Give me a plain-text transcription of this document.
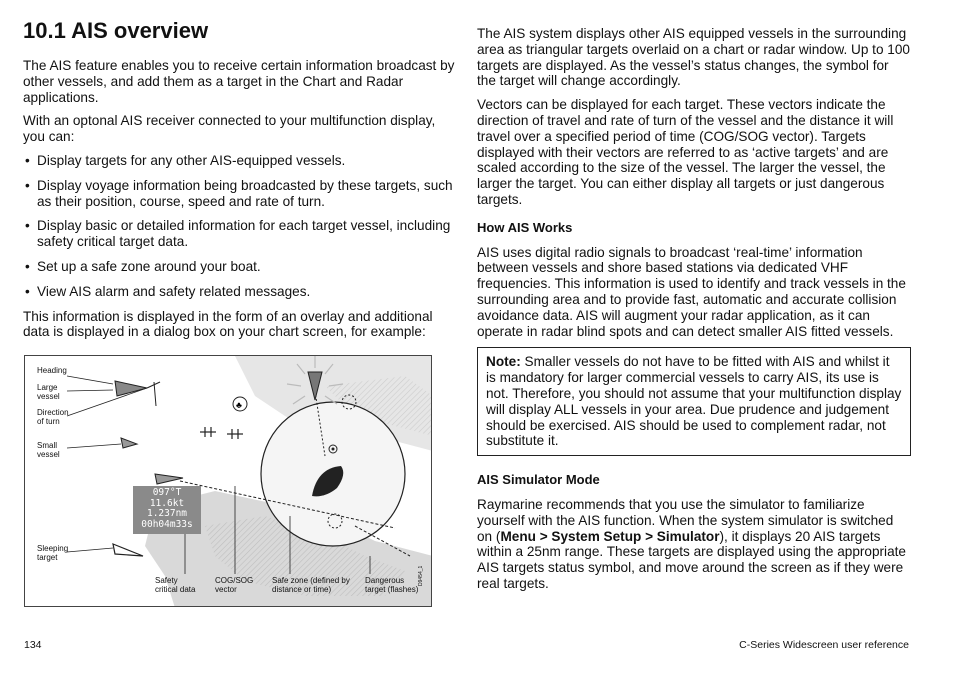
10.1 AIS overview

The AIS feature enables you to receive certain information broadcast by other vessels, and add them as a target in the Chart and Radar applications.

With an optonal AIS receiver connected to your multifunction display, you can:

• Display targets for any other AIS-equipped vessels.
• Display voyage information being broadcasted by these targets, such as their position, course, speed and rate of turn.
• Display basic or detailed information for each target vessel, including safety critical target data.
• Set up a safe zone around your boat.
• View AIS alarm and safety related messages.

This information is displayed in the form of an overlay and additional data is displayed in a dialog box on your chart screen, for example:

♣
097°T
11.6kt
1.237nm
00h04m33s
Heading
Large
vessel
Direction
of turn
Small
vessel
Sleeping
target
Safety
critical data
COG/SOG
vector
Safe zone (defined by
distance or time)
Dangerous
target (flashes)
D9454_1

The AIS system displays other AIS equipped vessels in the surrounding area as triangular targets overlaid on a chart or radar window. Up to 100 targets are displayed. As the vessel’s status changes, the symbol for the target will change accordingly.

Vectors can be displayed for each target. These vectors indicate the direction of travel and rate of turn of the vessel and the distance it will travel over a specified period of time (COG/SOG vector). Targets displayed with their vectors are referred to as ‘active targets’ and are scaled according to the size of the vessel. The larger the vessel, the larger the target. You can either display all targets or just dangerous targets.

How AIS Works

AIS uses digital radio signals to broadcast ‘real-time’ information between vessels and shore based stations via dedicated VHF frequencies. This information is used to identify and track vessels in the surrounding area and to provide fast, automatic and accurate collision avoidance data. AIS will augment your radar application, as it can operate in radar blind spots and can detect smaller AIS fitted vessels.

Note: Smaller vessels do not have to be fitted with AIS and whilst it is mandatory for larger commercial vessels to carry AIS, its use is not. Therefore, you should not assume that your multifunction display will display ALL vessels in your area. Due prudence and judgement should be exercised. AIS should be used to complement radar, not substitute it.
AIS Simulator Mode

Raymarine recommends that you use the simulator to familiarize yourself with the AIS function. When the system simulator is switched on (Menu > System Setup > Simulator), it displays 20 AIS targets within a 25nm range. These targets are displayed using the appropriate AIS targets status symbol, and move around the screen as if they were real targets.

134	C-Series Widescreen user reference
